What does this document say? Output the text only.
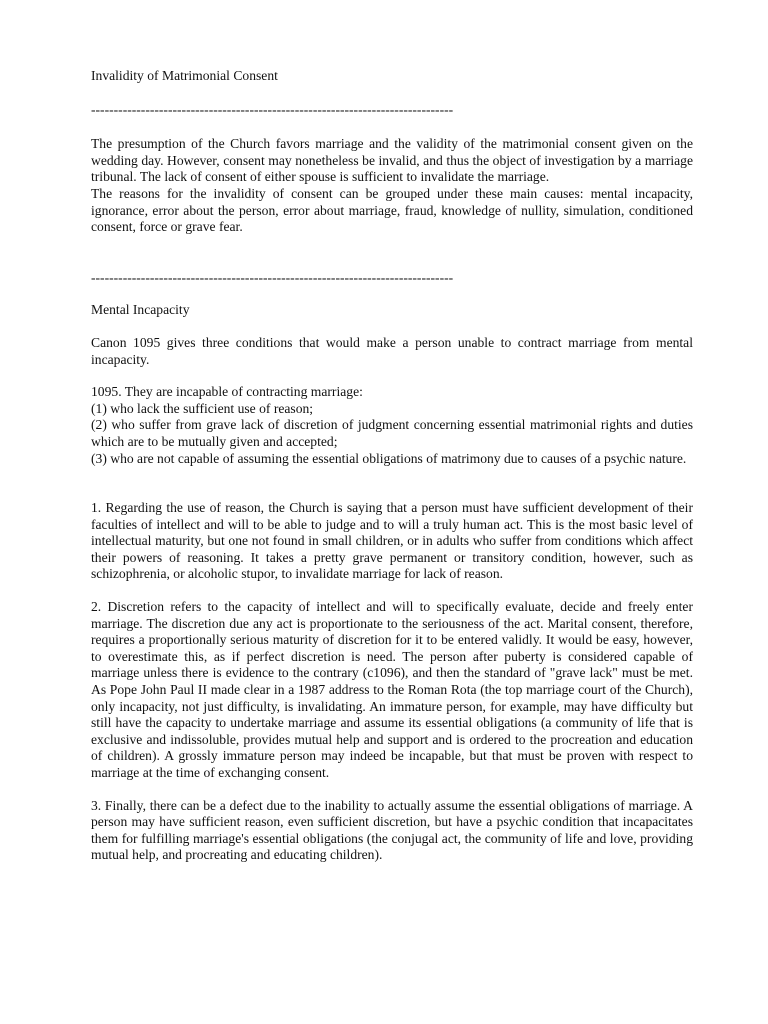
Invalidity of Matrimonial Consent

--------------------------------------------------------------------------------

The presumption of the Church favors marriage and the validity of the matrimonial consent given on the wedding day. However, consent may nonetheless be invalid, and thus the object of investigation by a marriage tribunal. The lack of consent of either spouse is sufficient to invalidate the marriage.

The reasons for the invalidity of consent can be grouped under these main causes: mental incapacity, ignorance, error about the person, error about marriage, fraud, knowledge of nullity, simulation, conditioned consent, force or grave fear.

--------------------------------------------------------------------------------

Mental Incapacity

Canon 1095 gives three conditions that would make a person unable to contract marriage from mental incapacity.

1095. They are incapable of contracting marriage:

(1) who lack the sufficient use of reason;

(2) who suffer from grave lack of discretion of judgment concerning essential matrimonial rights and duties which are to be mutually given and accepted;

(3) who are not capable of assuming the essential obligations of matrimony due to causes of a psychic nature.

1. Regarding the use of reason, the Church is saying that a person must have sufficient development of their faculties of intellect and will to be able to judge and to will a truly human act. This is the most basic level of intellectual maturity, but one not found in small children, or in adults who suffer from conditions which affect their powers of reasoning. It takes a pretty grave permanent or transitory condition, however, such as schizophrenia, or alcoholic stupor, to invalidate marriage for lack of reason.

2. Discretion refers to the capacity of intellect and will to specifically evaluate, decide and freely enter marriage. The discretion due any act is proportionate to the seriousness of the act. Marital consent, therefore, requires a proportionally serious maturity of discretion for it to be entered validly. It would be easy, however, to overestimate this, as if perfect discretion is need. The person after puberty is considered capable of marriage unless there is evidence to the contrary (c1096), and then the standard of "grave lack" must be met. As Pope John Paul II made clear in a 1987 address to the Roman Rota (the top marriage court of the Church), only incapacity, not just difficulty, is invalidating. An immature person, for example, may have difficulty but still have the capacity to undertake marriage and assume its essential obligations (a community of life that is exclusive and indissoluble, provides mutual help and support and is ordered to the procreation and education of children). A grossly immature person may indeed be incapable, but that must be proven with respect to marriage at the time of exchanging consent.

3. Finally, there can be a defect due to the inability to actually assume the essential obligations of marriage. A person may have sufficient reason, even sufficient discretion, but have a psychic condition that incapacitates them for fulfilling marriage's essential obligations (the conjugal act, the community of life and love, providing mutual help, and procreating and educating children).
